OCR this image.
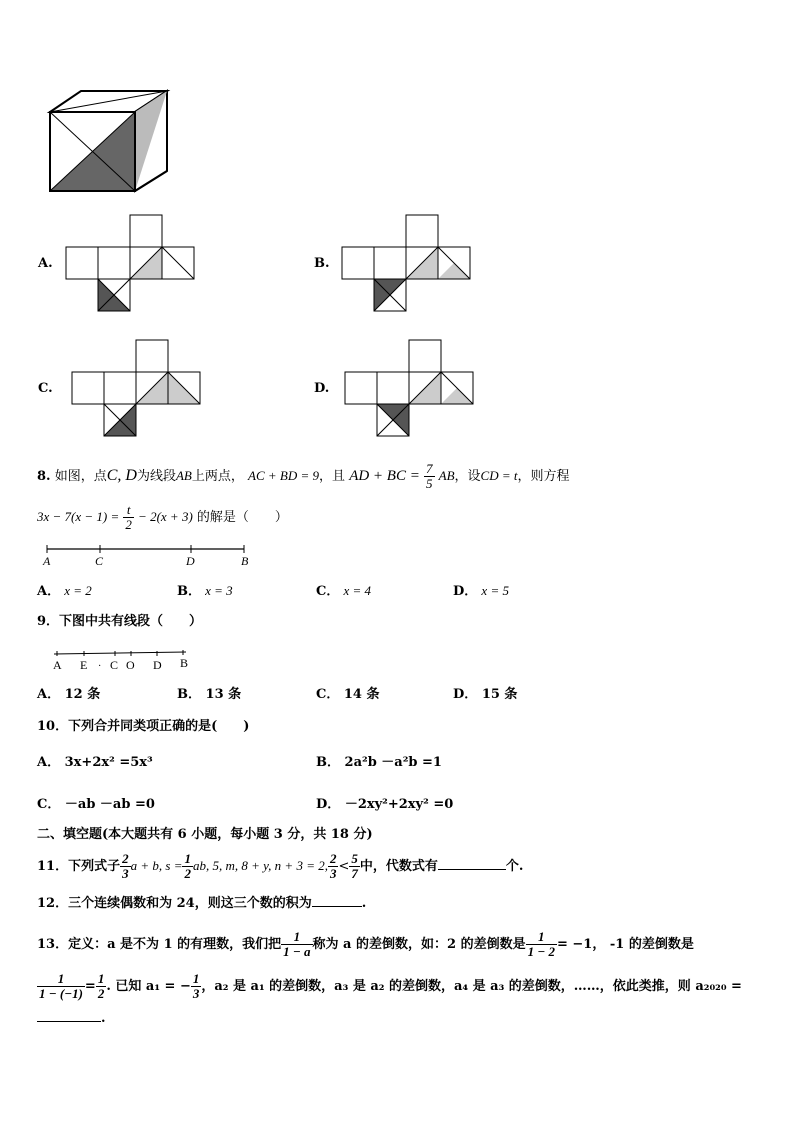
A.	B.
C.	D.
8. 如图，点C, D为线段AB上两点， AC + BD = 9，且 AD + BC = $\frac{7}{5}$ AB，设CD = t，则方程
$3x - 7(x - 1) = \frac{t}{2} - 2(x + 3)$ 的解是（　　）
A	C	D	B
A． x = 2	B． x = 3	C． x = 4	D． x = 5
9．下图中共有线段（　　）
A E · C O D B
A． 12 条	B． 13 条	C． 14 条	D． 15 条
10．下列合并同类项正确的是(　　)
A． 3x+2x² =5x³	B． 2a²b －a²b =1
C． －ab －ab =0	D． －2xy²+2xy² =0
二、填空题(本大题共有 6 小题，每小题 3 分，共 18 分)
11．下列式子 $\frac{2}{3}$ a + b, $s = \frac{1}{2}$ ab, 5, m, 8 + y, n + 3 = 2, $\frac{2}{3} < \frac{5}{7}$ 中，代数式有	个.
12．三个连续偶数和为 24，则这三个数的积为	.
13．定义：a 是不为 1 的有理数，我们把 $\frac{1}{1 - a}$ 称为 a 的差倒数，如：2 的差倒数是 $\frac{1}{1 - 2} = -1$， -1 的差倒数是
$\frac{1}{1 - (-1)} = \frac{1}{2}$ . 已知 a₁ = − $\frac{1}{3}$ ，a₂ 是 a₁ 的差倒数，a₃ 是 a₂ 的差倒数，a₄ 是 a₃ 的差倒数，……，依此类推，则 a₂₀₂₀ =
.
